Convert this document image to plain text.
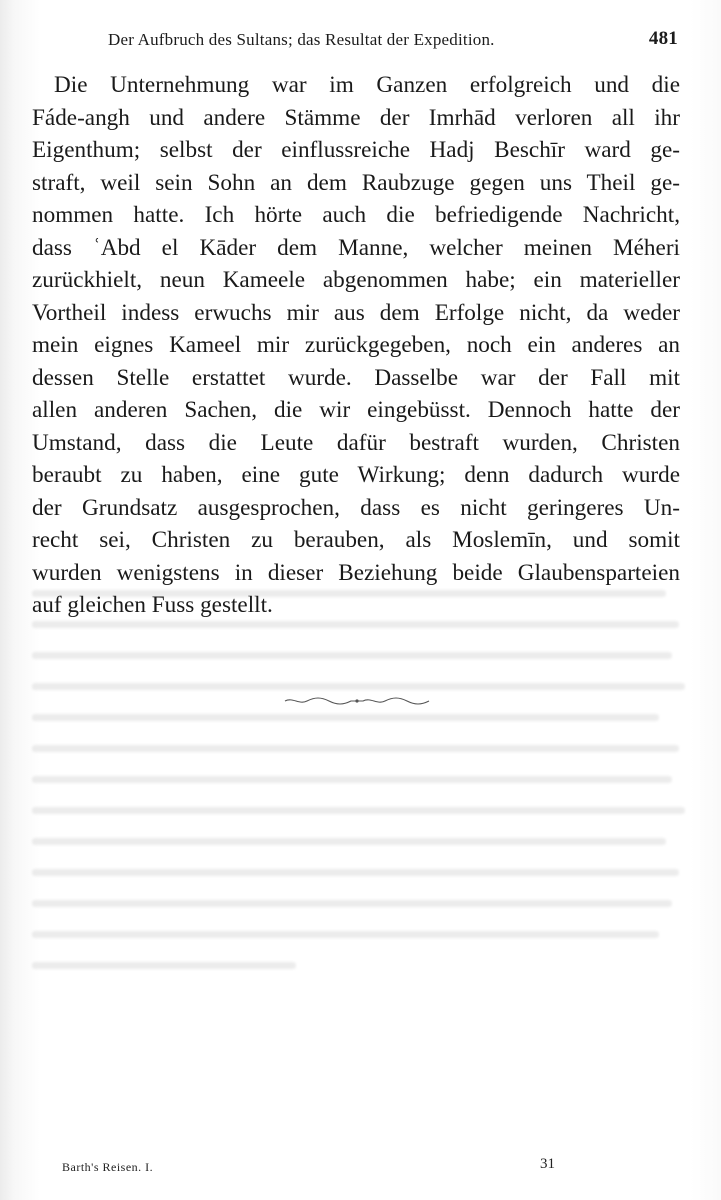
Der Aufbruch des Sultans; das Resultat der Expedition.	481

Die Unternehmung war im Ganzen erfolgreich und die
Fáde-angh und andere Stämme der Imrhād verloren all ihr
Eigenthum; selbst der einflussreiche Hadj Beschīr ward ge-
straft, weil sein Sohn an dem Raubzuge gegen uns Theil ge-
nommen hatte. Ich hörte auch die befriedigende Nachricht,
dass ʿAbd el Kāder dem Manne, welcher meinen Méheri
zurückhielt, neun Kameele abgenommen habe; ein materieller
Vortheil indess erwuchs mir aus dem Erfolge nicht, da weder
mein eignes Kameel mir zurückgegeben, noch ein anderes an
dessen Stelle erstattet wurde. Dasselbe war der Fall mit
allen anderen Sachen, die wir eingebüsst. Dennoch hatte der
Umstand, dass die Leute dafür bestraft wurden, Christen
beraubt zu haben, eine gute Wirkung; denn dadurch wurde
der Grundsatz ausgesprochen, dass es nicht geringeres Un-
recht sei, Christen zu berauben, als Moslemīn, und somit
wurden wenigstens in dieser Beziehung beide Glaubensparteien
auf gleichen Fuss gestellt.

Barth's Reisen. I.	31
